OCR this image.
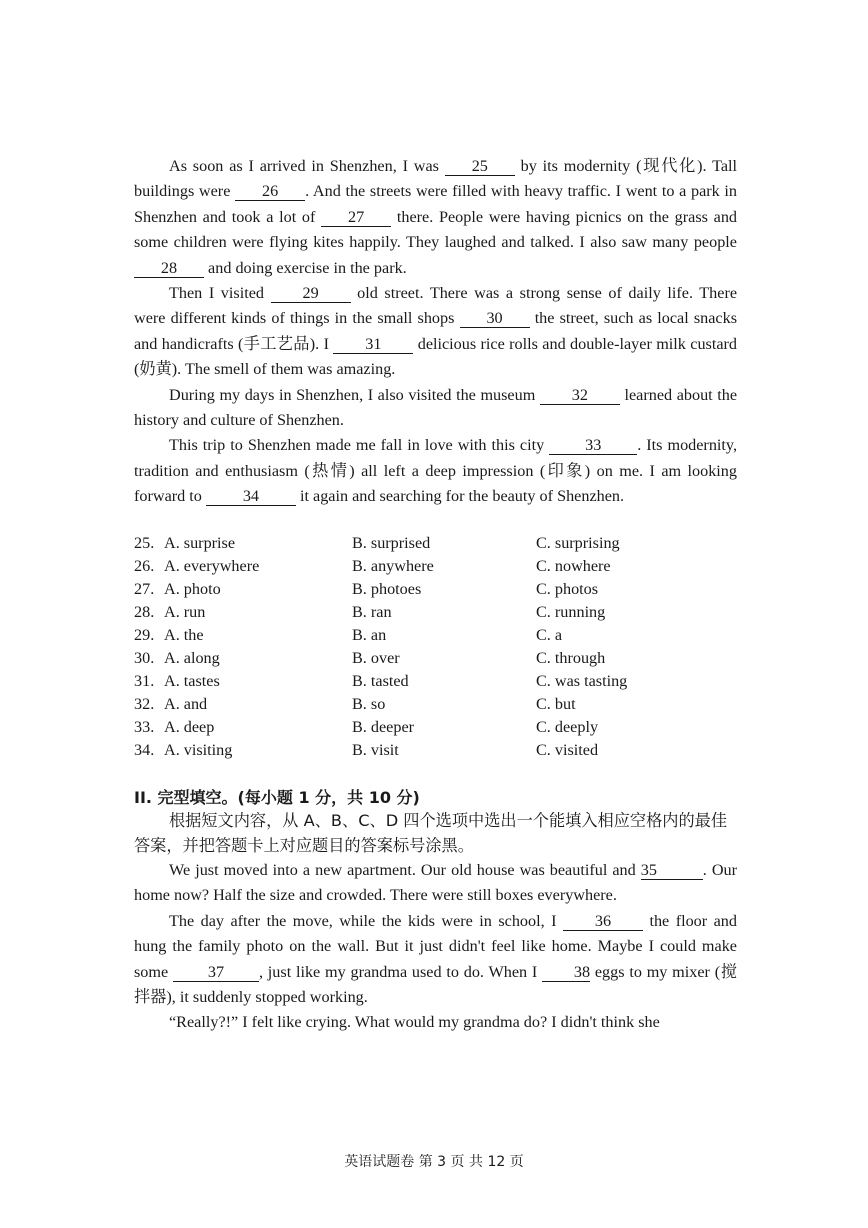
As soon as I arrived in Shenzhen, I was 25 by its modernity (现代化). Tall buildings were 26 . And the streets were filled with heavy traffic. I went to a park in Shenzhen and took a lot of 27 there. People were having picnics on the grass and some children were flying kites happily. They laughed and talked. I also saw many people 28 and doing exercise in the park.

Then I visited 29 old street. There was a strong sense of daily life. There were different kinds of things in the small shops 30 the street, such as local snacks and handicrafts (手工艺品). I 31 delicious rice rolls and double-layer milk custard (奶黄). The smell of them was amazing.

During my days in Shenzhen, I also visited the museum 32 learned about the history and culture of Shenzhen.

This trip to Shenzhen made me fall in love with this city	33 . Its modernity, tradition and enthusiasm (热情) all left a deep impression (印象) on me. I am looking forward to	34	it again and searching for the beauty of Shenzhen.

25. A. surprise	B. surprised	C. surprising
26. A. everywhere	B. anywhere	C. nowhere
27. A. photo	B. photoes	C. photos
28. A. run	B. ran	C. running
29. A. the	B. an	C. a
30. A. along	B. over	C. through
31. A. tastes	B. tasted	C. was tasting
32. A. and	B. so	C. but
33. A. deep	B. deeper	C. deeply
34. A. visiting	B. visit	C. visited
II. 完型填空。(每小题 1 分，共 10 分)
根据短文内容，从 A、B、C、D 四个选项中选出一个能填入相应空格内的最佳答案，并把答题卡上对应题目的答案标号涂黑。

We just moved into a new apartment. Our old house was beautiful and 35	. Our home now? Half the size and crowded. There were still boxes everywhere.

The day after the move, while the kids were in school, I 36 the floor and hung the family photo on the wall. But it just didn't feel like home. Maybe I could make some 37 , just like my grandma used to do. When I 38 eggs to my mixer (搅拌器), it suddenly stopped working.

“Really?!” I felt like crying. What would my grandma do? I didn't think she

英语试题卷 第 3 页 共 12 页
